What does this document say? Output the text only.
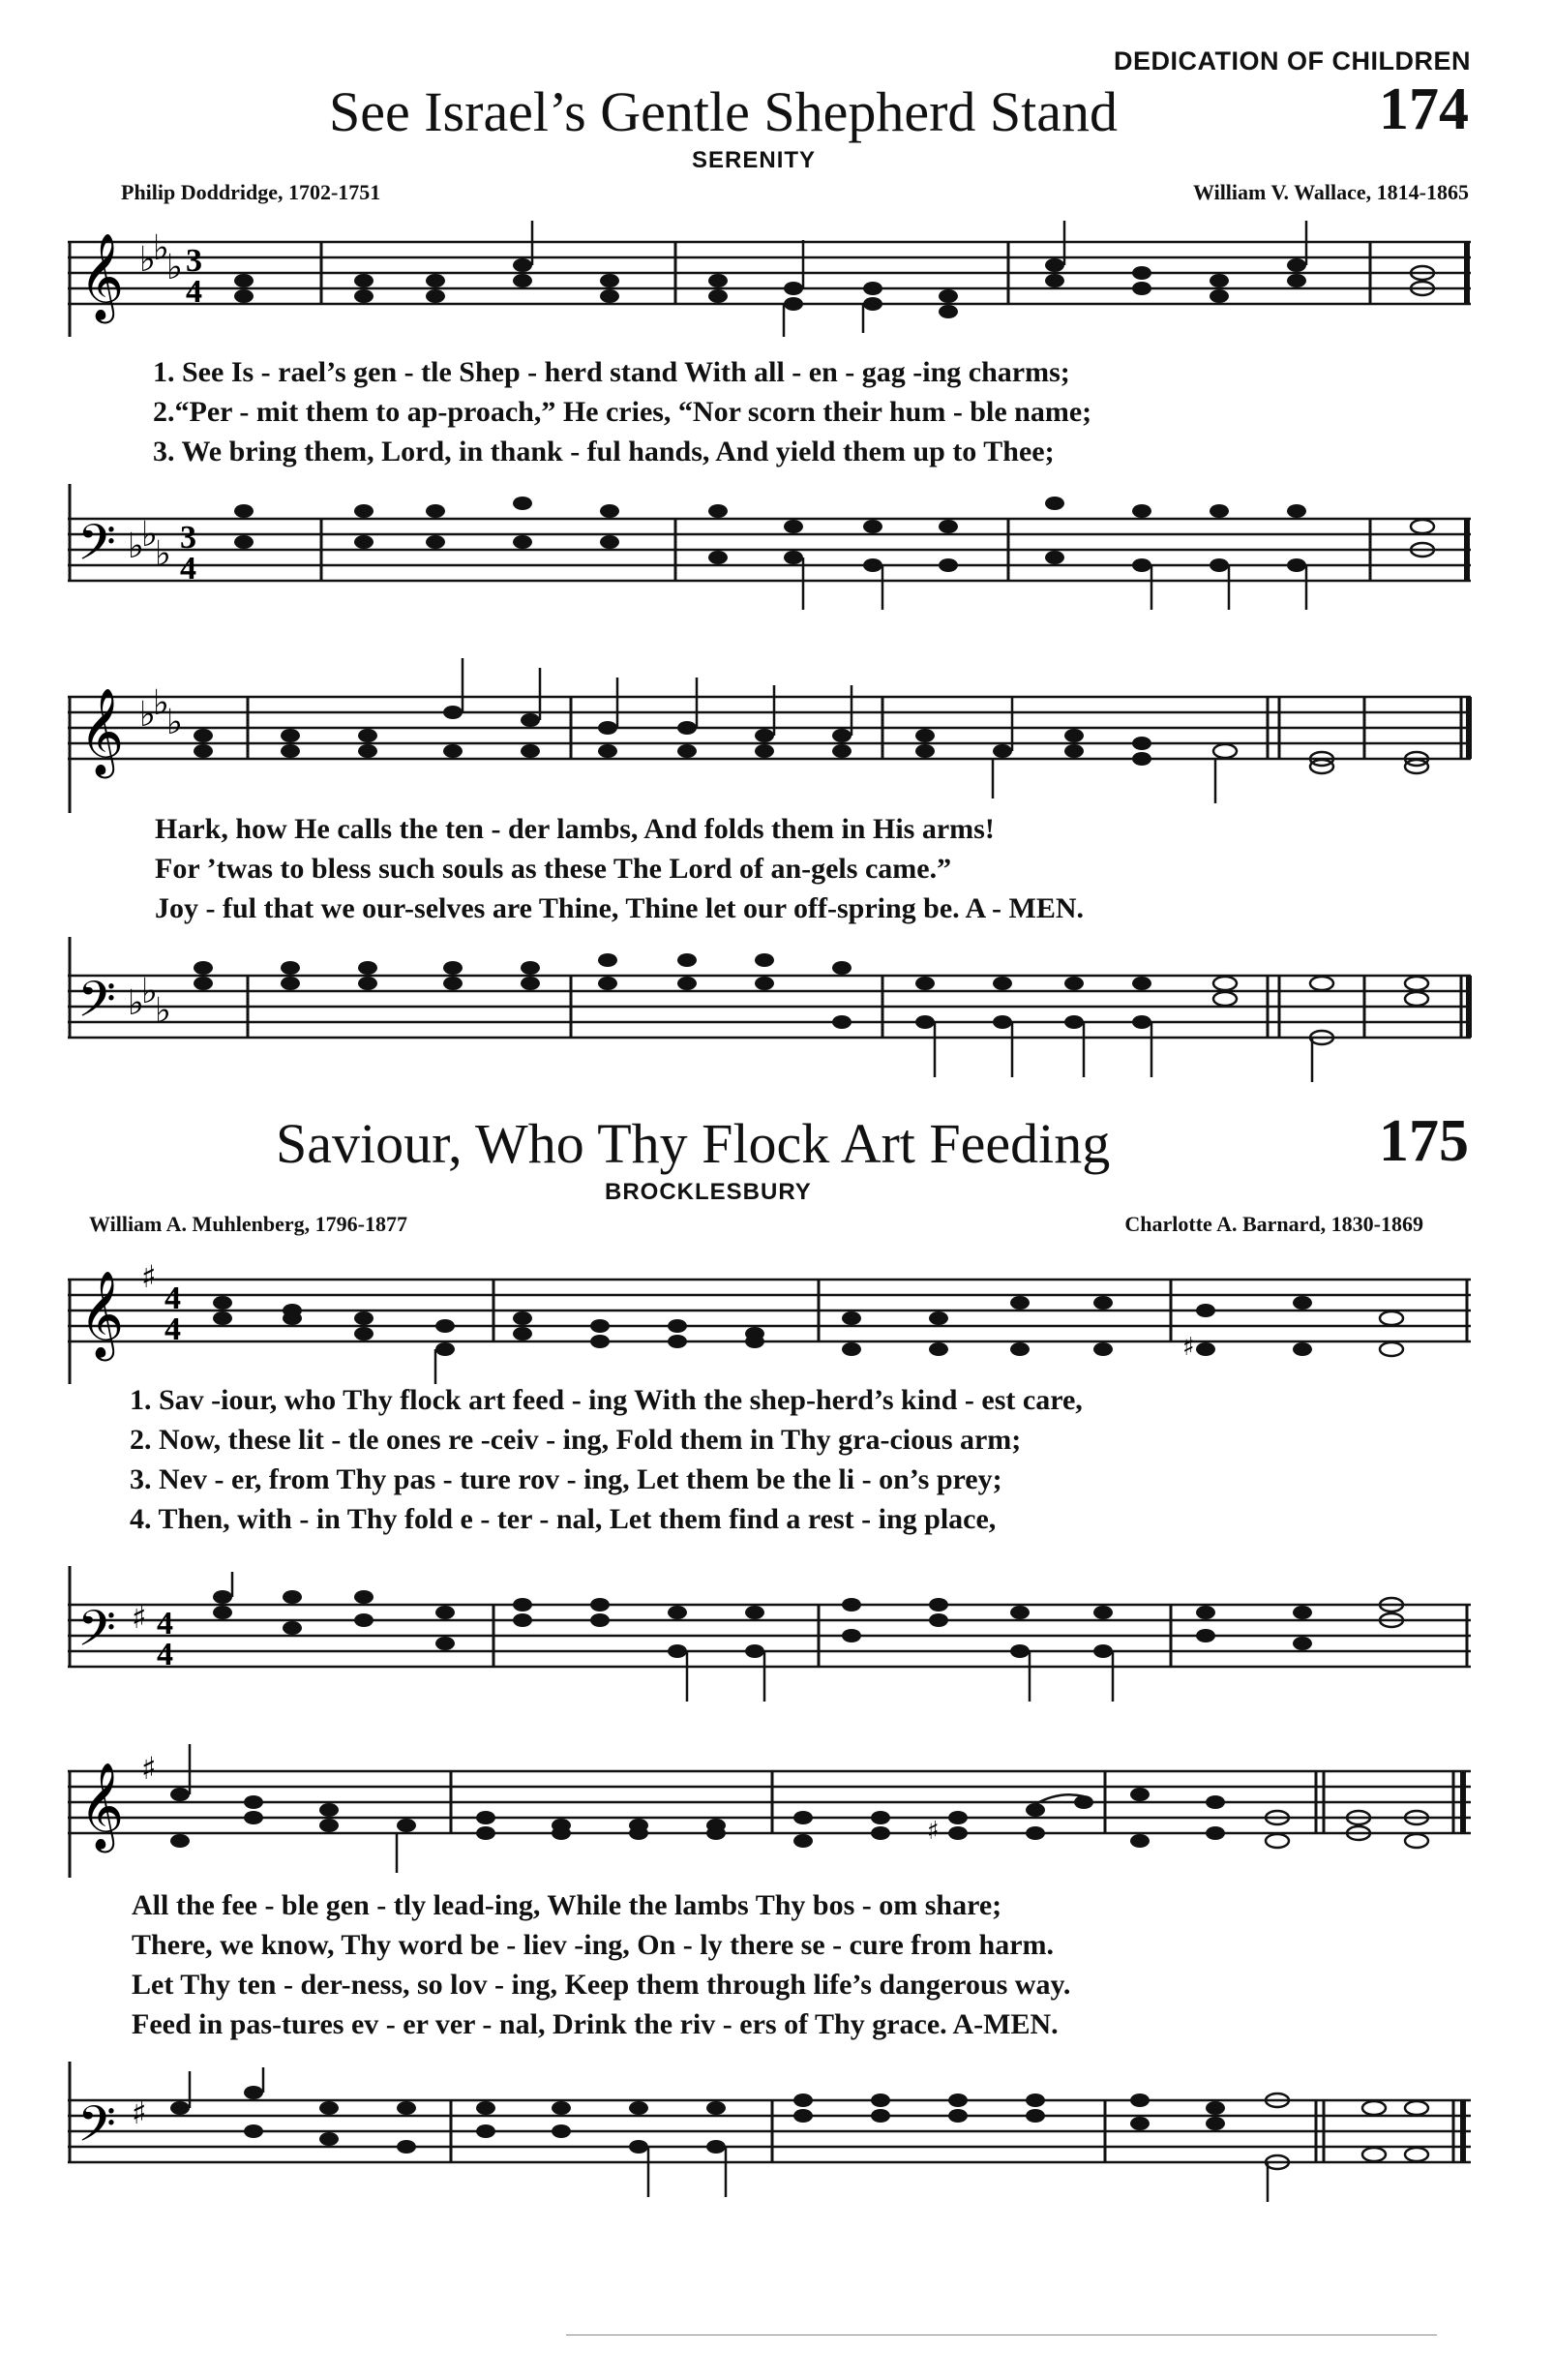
DEDICATION OF CHILDREN
See Israel’s Gentle Shepherd Stand	174
SERENITY
Philip Doddridge, 1702-1751	William V. Wallace, 1814-1865
𝄞 ♭
♭
♭ 3
4
1. See Is - rael’s gen - tle Shep - herd stand With all - en - gag -ing charms;
2.“Per - mit them to ap-proach,” He cries, “Nor scorn their hum - ble name;
3. We bring them, Lord, in thank - ful hands, And yield them up to Thee;
𝄢 ♭
♭
♭ 3
4
𝄞 ♭
♭
♭
Hark, how He calls the ten - der lambs, And folds them in His arms!
For ’twas to bless such souls as these The Lord of an-gels came.”
Joy - ful that we our-selves are Thine, Thine let our off-spring be. A - MEN.
𝄢 ♭
♭
♭
Saviour, Who Thy Flock Art Feeding	175
BROCKLESBURY
William A. Muhlenberg, 1796-1877	Charlotte A. Barnard, 1830-1869
𝄞 ♯
4
4	♯
1. Sav -iour, who Thy flock art feed - ing With the shep-herd’s kind - est care,
2. Now, these lit - tle ones re -ceiv - ing, Fold them in Thy gra-cious arm;
3. Nev - er, from Thy pas - ture rov - ing, Let them be the li - on’s prey;
4. Then, with - in Thy fold e - ter - nal, Let them find a rest - ing place,
𝄢 ♯ 4
4
𝄞 ♯
♯
All the fee - ble gen - tly lead-ing, While the lambs Thy bos - om share;
There, we know, Thy word be - liev -ing, On - ly there se - cure from harm.
Let Thy ten - der-ness, so lov - ing, Keep them through life’s dangerous way.
Feed in pas-tures ev - er ver - nal, Drink the riv - ers of Thy grace. A-MEN.
𝄢 ♯
